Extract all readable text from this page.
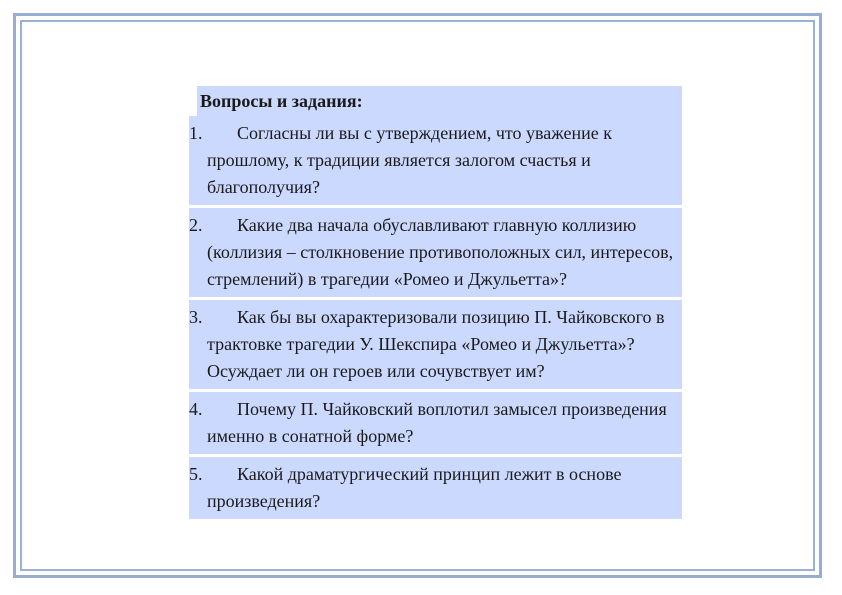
Вопросы и задания:
1.	Согласны ли вы с утверждением, что уважение к прошлому, к традиции является залогом счастья и благополучия?
2.	Какие два начала обуславливают главную коллизию (коллизия – столкновение противоположных сил, интересов, стремлений) в трагедии «Ромео и Джульетта»?
3.	Как бы вы охарактеризовали позицию П. Чайковского в трактовке трагедии У. Шекспира «Ромео и Джульетта»? Осуждает ли он героев или сочувствует им?
4.	Почему П. Чайковский воплотил замысел произведения именно в сонатной форме?
5.	Какой драматургический принцип лежит в основе произведения?
